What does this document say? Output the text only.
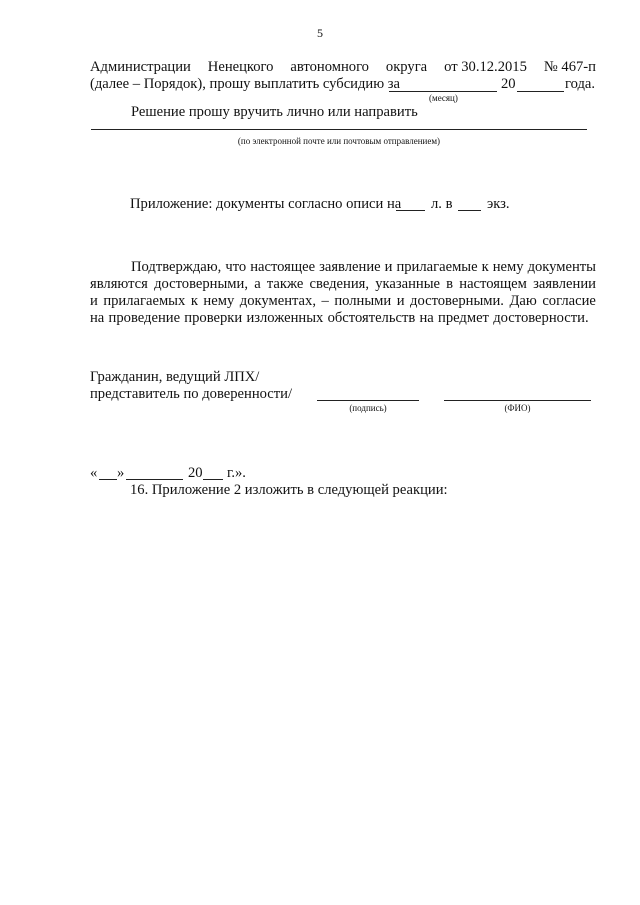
5
Администрации Ненецкого автономного округа от 30.12.2015 № 467-п
(далее – Порядок), прошу выплатить субсидию за	20	года.
(месяц)
Решение прошу вручить лично или направить
(по электронной почте или почтовым отправлением)
Приложение: документы согласно описи на л. в экз.
Подтверждаю, что настоящее заявление и прилагаемые к нему документы
являются достоверными, а также сведения, указанные в настоящем заявлении
и прилагаемых к нему документах, – полными и достоверными. Даю согласие
на проведение проверки изложенных обстоятельств на предмет достоверности.
Гражданин, ведущий ЛПХ/
представитель по доверенности/
(подпись)	(ФИО)
« »	20 г.».
16. Приложение 2 изложить в следующей реакции:
